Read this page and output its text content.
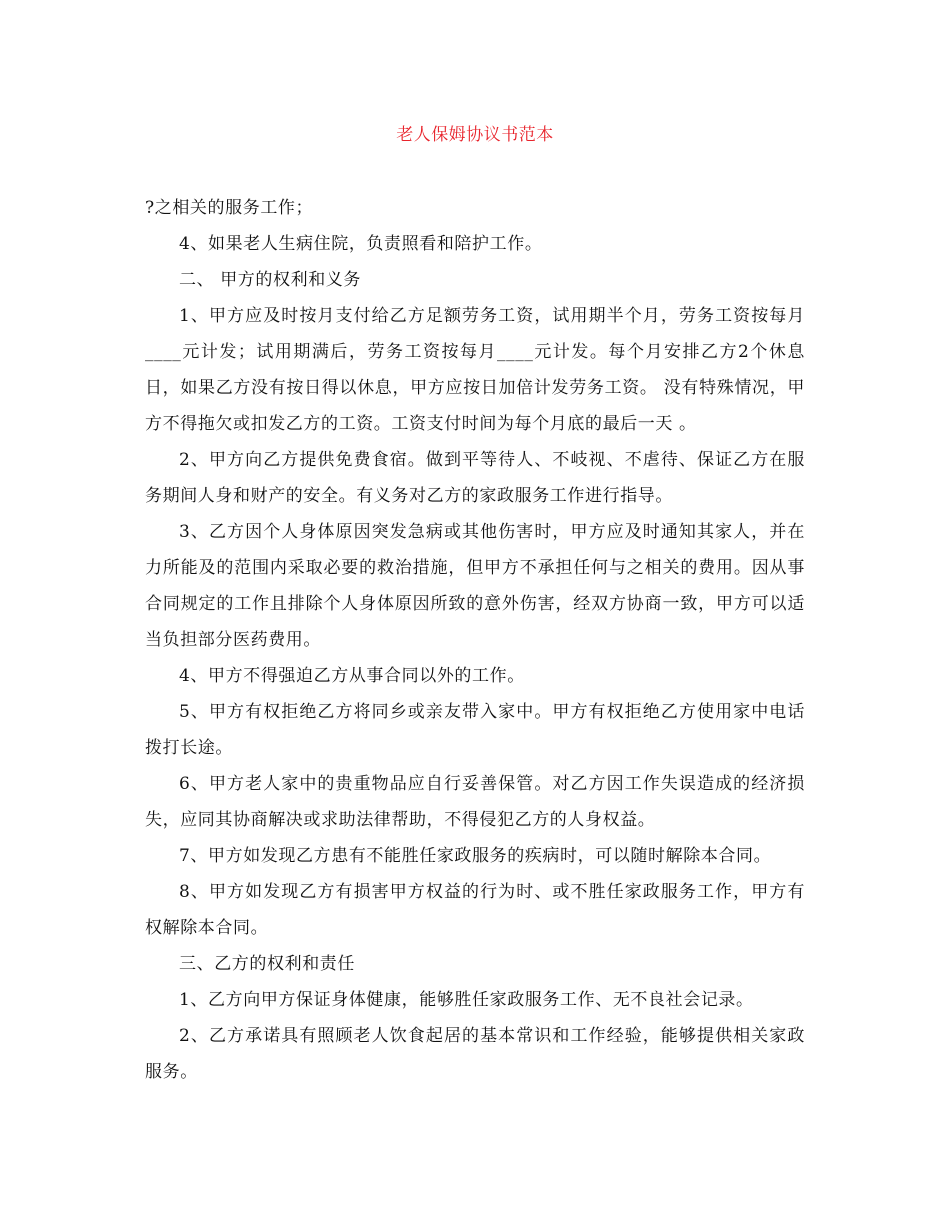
老人保姆协议书范本

?之相关的服务工作；

4、如果老人生病住院，负责照看和陪护工作。

二、 甲方的权利和义务

1、甲方应及时按月支付给乙方足额劳务工资，试用期半个月，劳务工资按每月____元计发；试用期满后，劳务工资按每月____元计发。每个月安排乙方2个休息日，如果乙方没有按日得以休息，甲方应按日加倍计发劳务工资。 没有特殊情况，甲方不得拖欠或扣发乙方的工资。工资支付时间为每个月底的最后一天 。

2、甲方向乙方提供免费食宿。做到平等待人、不岐视、不虐待、保证乙方在服务期间人身和财产的安全。有义务对乙方的家政服务工作进行指导。

3、乙方因个人身体原因突发急病或其他伤害时，甲方应及时通知其家人，并在力所能及的范围内采取必要的救治措施，但甲方不承担任何与之相关的费用。因从事合同规定的工作且排除个人身体原因所致的意外伤害，经双方协商一致，甲方可以适当负担部分医药费用。

4、甲方不得强迫乙方从事合同以外的工作。

5、甲方有权拒绝乙方将同乡或亲友带入家中。甲方有权拒绝乙方使用家中电话拨打长途。

6、甲方老人家中的贵重物品应自行妥善保管。对乙方因工作失误造成的经济损失，应同其协商解决或求助法律帮助，不得侵犯乙方的人身权益。

7、甲方如发现乙方患有不能胜任家政服务的疾病时，可以随时解除本合同。

8、甲方如发现乙方有损害甲方权益的行为时、或不胜任家政服务工作，甲方有权解除本合同。

三、乙方的权利和责任

1、乙方向甲方保证身体健康，能够胜任家政服务工作、无不良社会记录。

2、乙方承诺具有照顾老人饮食起居的基本常识和工作经验，能够提供相关家政服务。
